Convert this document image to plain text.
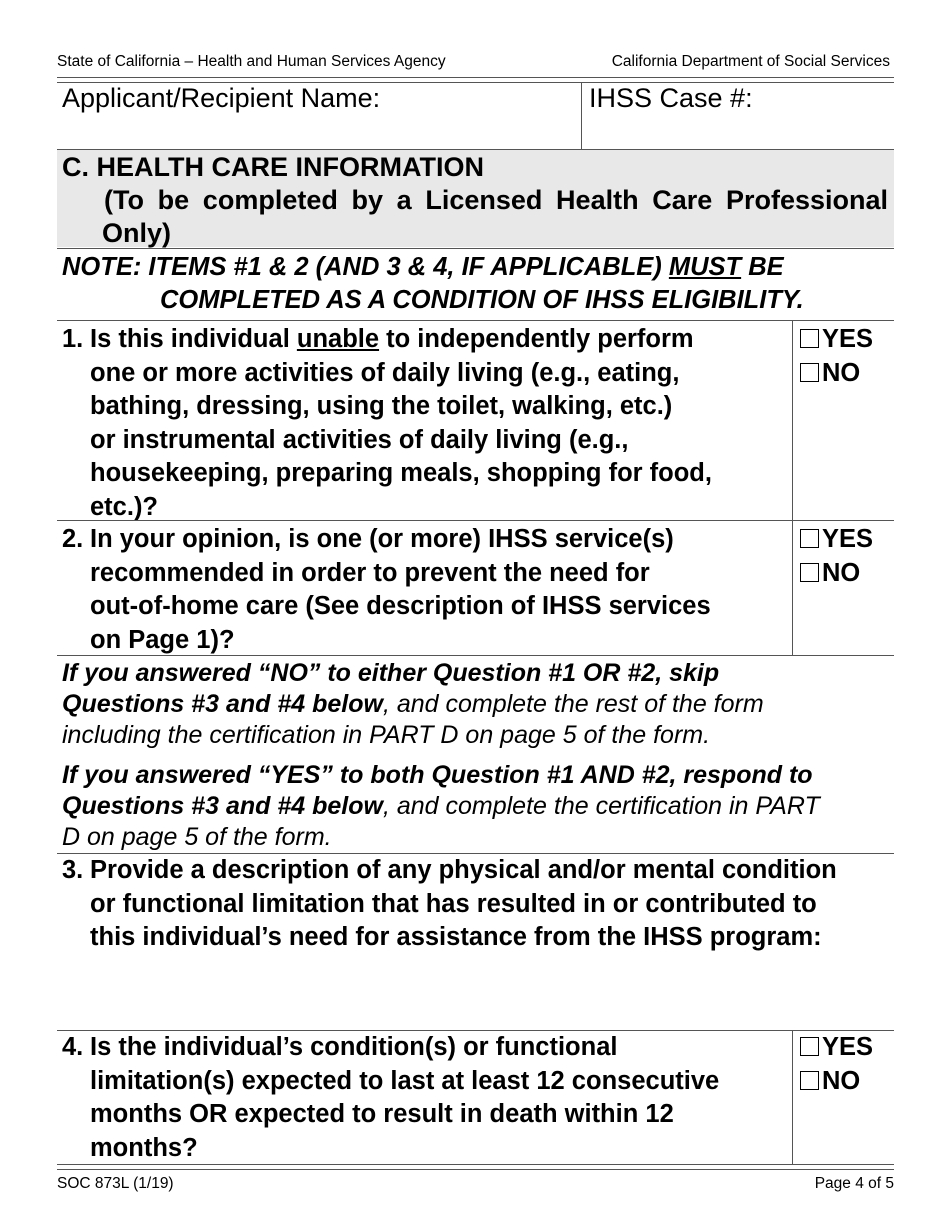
State of California – Health and Human Services Agency	California Department of Social Services
Applicant/Recipient Name:	IHSS Case #:
C. HEALTH CARE INFORMATION
(To be completed by a Licensed Health Care Professional
Only)
NOTE: ITEMS #1 & 2 (AND 3 & 4, IF APPLICABLE) MUST BE
COMPLETED AS A CONDITION OF IHSS ELIGIBILITY.
1. Is this individual unable to independently perform
one or more activities of daily living (e.g., eating,
bathing, dressing, using the toilet, walking, etc.)
or instrumental activities of daily living (e.g.,
housekeeping, preparing meals, shopping for food,
etc.)?
YES
NO
2. In your opinion, is one (or more) IHSS service(s)
recommended in order to prevent the need for
out-of-home care (See description of IHSS services
on Page 1)?
YES
NO
If you answered “NO” to either Question #1 OR #2, skip
Questions #3 and #4 below, and complete the rest of the form
including the certification in PART D on page 5 of the form.
If you answered “YES” to both Question #1 AND #2, respond to
Questions #3 and #4 below, and complete the certification in PART
D on page 5 of the form.
3. Provide a description of any physical and/or mental condition
or functional limitation that has resulted in or contributed to
this individual’s need for assistance from the IHSS program:
4. Is the individual’s condition(s) or functional
limitation(s) expected to last at least 12 consecutive
months OR expected to result in death within 12
months?
YES
NO
SOC 873L (1/19)	Page 4 of 5
